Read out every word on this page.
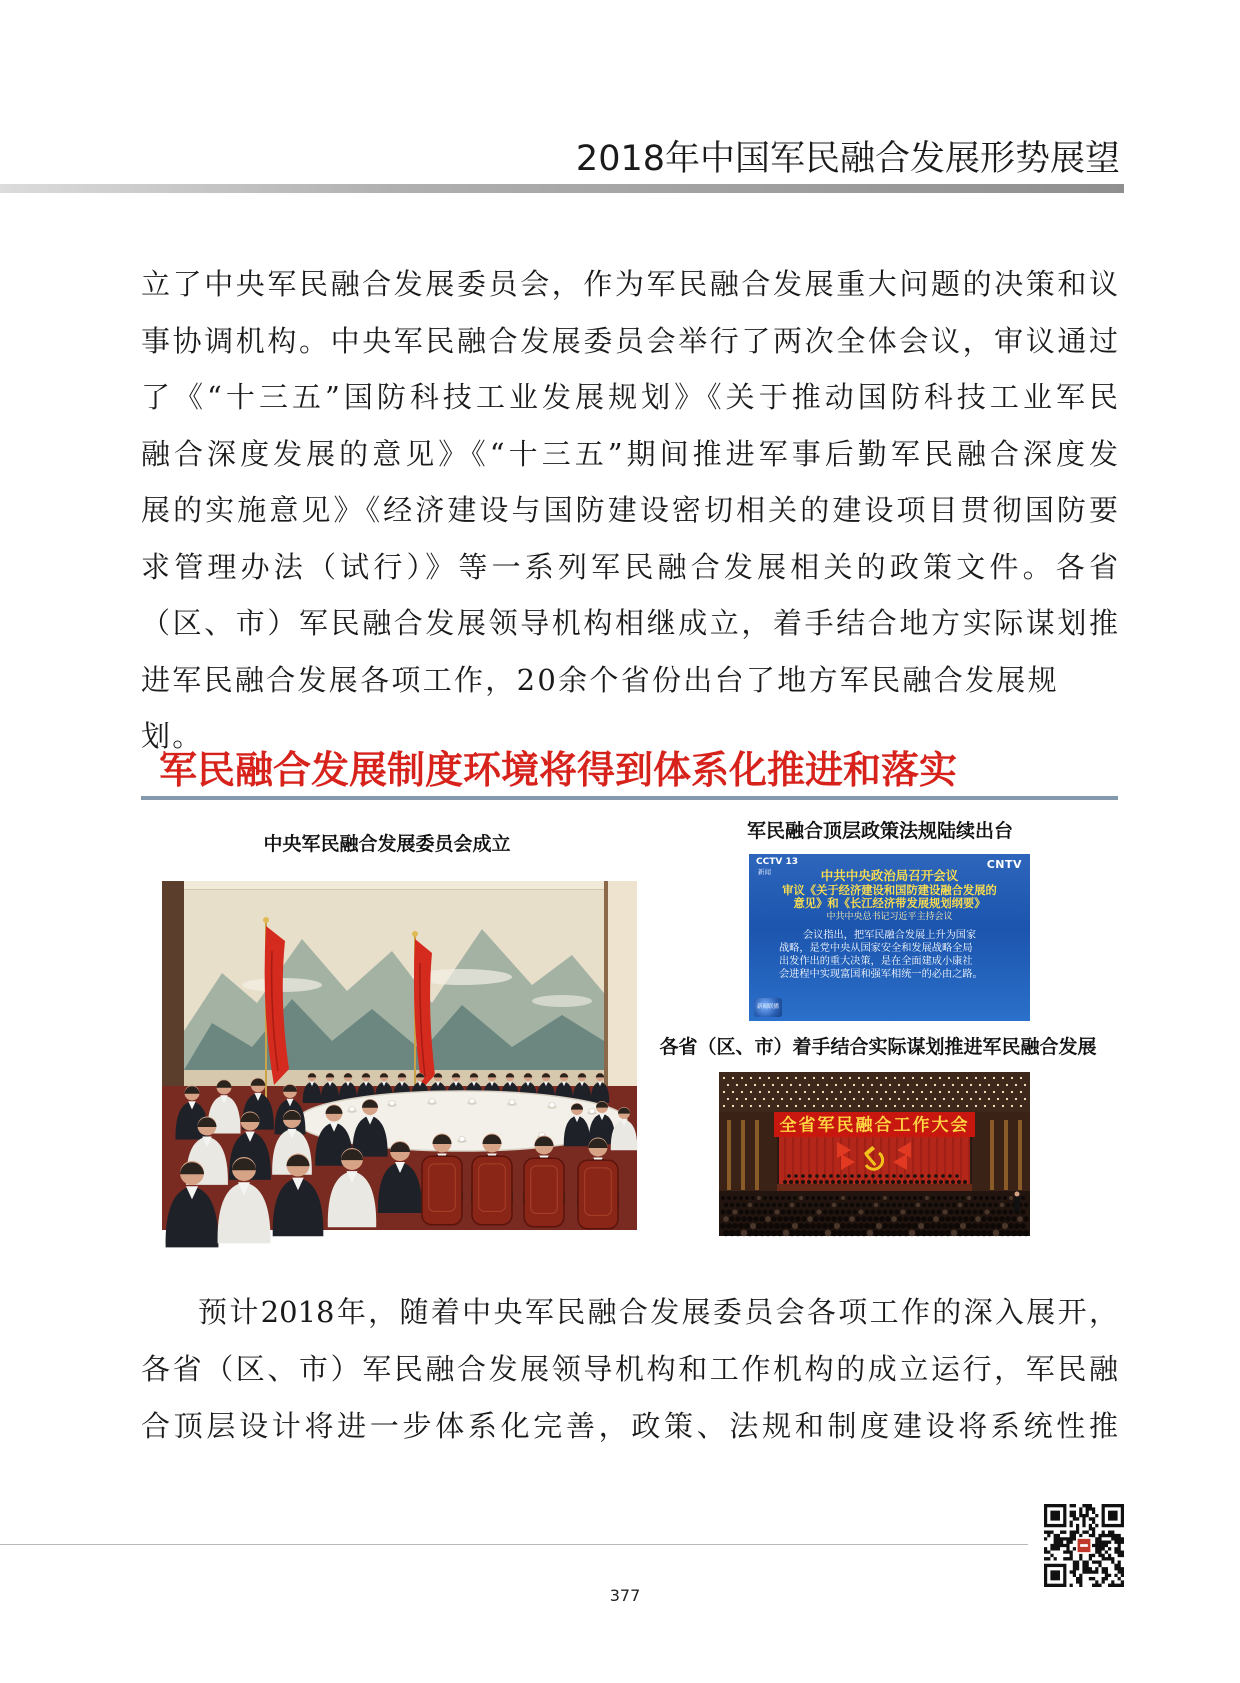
2018年中国军民融合发展形势展望
立了中央军民融合发展委员会，作为军民融合发展重大问题的决策和议
事协调机构。中央军民融合发展委员会举行了两次全体会议，审议通过
了《“十三五”国防科技工业发展规划》《关于推动国防科技工业军民
融合深度发展的意见》《“十三五”期间推进军事后勤军民融合深度发
展的实施意见》《经济建设与国防建设密切相关的建设项目贯彻国防要
求管理办法（试行）》等一系列军民融合发展相关的政策文件。各省
（区、市）军民融合发展领导机构相继成立，着手结合地方实际谋划推
进军民融合发展各项工作，20余个省份出台了地方军民融合发展规划。
军民融合发展制度环境将得到体系化推进和落实
中央军民融合发展委员会成立
军民融合顶层政策法规陆续出台
各省（区、市）着手结合实际谋划推进军民融合发展
CCTV 13
新闻
CNTV
中共中央政治局召开会议
审议《关于经济建设和国防建设融合发展的
意见》和《长江经济带发展规划纲要》
中共中央总书记习近平主持会议
会议指出，把军民融合发展上升为国家
战略，是党中央从国家安全和发展战略全局
出发作出的重大决策，是在全面建成小康社
会进程中实现富国和强军相统一的必由之路。
新闻联播
全省军民融合工作大会
预计2018年，随着中央军民融合发展委员会各项工作的深入展开，
各省（区、市）军民融合发展领导机构和工作机构的成立运行，军民融
合顶层设计将进一步体系化完善，政策、法规和制度建设将系统性推
377
